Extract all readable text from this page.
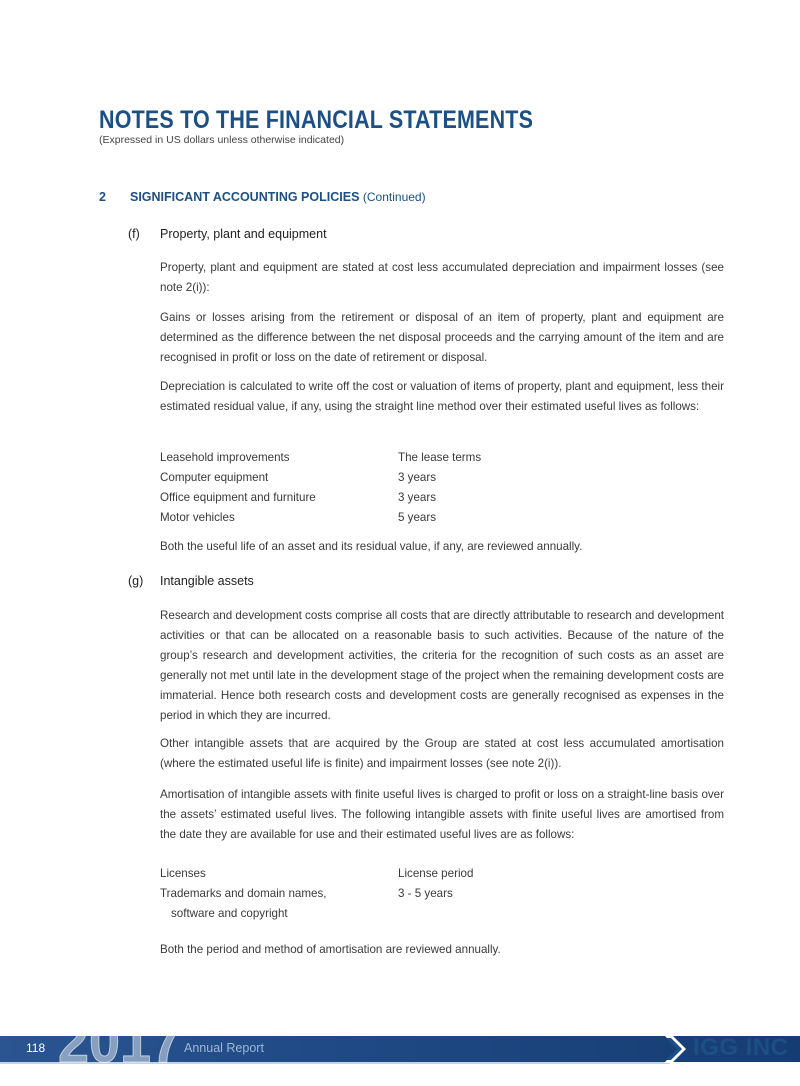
NOTES TO THE FINANCIAL STATEMENTS
(Expressed in US dollars unless otherwise indicated)
2 SIGNIFICANT ACCOUNTING POLICIES (Continued)
(f) Property, plant and equipment

Property, plant and equipment are stated at cost less accumulated depreciation and impairment losses (see note 2(i)):

Gains or losses arising from the retirement or disposal of an item of property, plant and equipment are determined as the difference between the net disposal proceeds and the carrying amount of the item and are recognised in profit or loss on the date of retirement or disposal.

Depreciation is calculated to write off the cost or valuation of items of property, plant and equipment, less their estimated residual value, if any, using the straight line method over their estimated useful lives as follows:

Leasehold improvements	The lease terms
Computer equipment	3 years
Office equipment and furniture	3 years
Motor vehicles	5 years

Both the useful life of an asset and its residual value, if any, are reviewed annually.

(g) Intangible assets

Research and development costs comprise all costs that are directly attributable to research and development activities or that can be allocated on a reasonable basis to such activities. Because of the nature of the group’s research and development activities, the criteria for the recognition of such costs as an asset are generally not met until late in the development stage of the project when the remaining development costs are immaterial. Hence both research costs and development costs are generally recognised as expenses in the period in which they are incurred.

Other intangible assets that are acquired by the Group are stated at cost less accumulated amortisation (where the estimated useful life is finite) and impairment losses (see note 2(i)).

Amortisation of intangible assets with finite useful lives is charged to profit or loss on a straight-line basis over the assets’ estimated useful lives. The following intangible assets with finite useful lives are amortised from the date they are available for use and their estimated useful lives are as follows:

Licenses	License period
Trademarks and domain names,	3 - 5 years
software and copyright

Both the period and method of amortisation are reviewed annually.

118 2017 Annual Report	IGG INC
